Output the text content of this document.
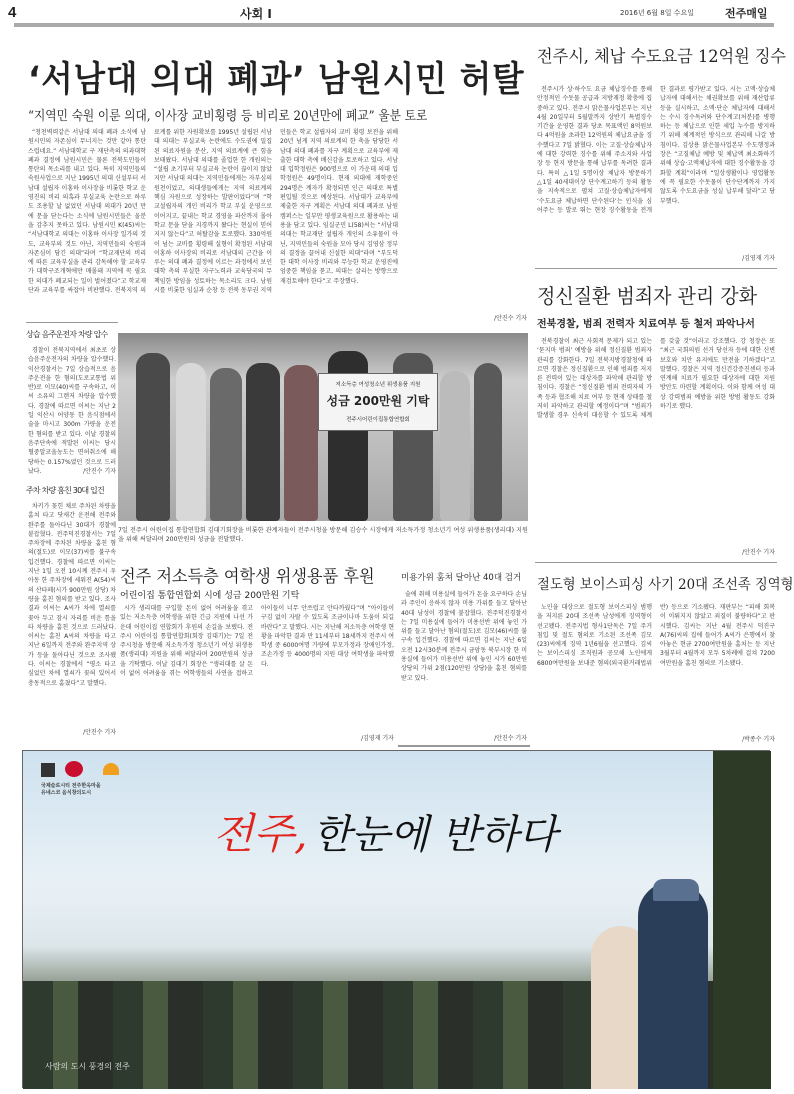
4	사회 I	2016년 6월 8일 수요일	전주매일
‘서남대 의대 폐과’ 남원시민 허탈
“지역민 숙원 이룬 의대, 이사장 교비횡령 등 비리로 20년만에 폐교” 울분 토로
“청천벽력같은 서남대 의대 폐과 소식에 남원시민의 자존심이 무너지는 것만 같아 통탄스럽네요.” 서남대학교 구 재단측의 의과대학 폐과 결정에 남원시민은 물론 전북도민들이 통탄의 목소리를 내고 있다. 특히 지역민들의 숙원사업으로 지난 1995년 의대 신설부터 서남대 설립자 이홍하 이사장을 비롯한 학교 운영진의 비리 의혹과 부실교육 논란으로 하루도 조용할 날 없었던 서남대 의대가 20년 만에 문을 닫는다는 소식에 남원시민들은 울분을 감추지 못하고 있다. 남원시민 K(45)씨는 “서남대학교 의대는 이홍하 이사장 일가의 것도, 교육부의 것도 아닌, 지역민들의 숙원과 자존심이 담긴 의대”라며 “학교재단의 비리에 따른 교육부실을 관리 감독해야 할 교육부가 대학구조개혁에만 매몰돼 지역에 꼭 필요한 의대가 폐교되는 일이 벌어졌다”고 학교재단과 교육부를 싸잡아 비판했다. 전북지역 의료계를 위한 자원확보를 1995년 설립된 서남대 의대는 부실교육 논란에도 수도권에 밀집된 의료자원을 분산, 지역 의료계에 큰 힘을 보태왔다. 서남대 의대를 졸업한 한 개원의는 “설립 초기부터 부실교육 논란이 끊이지 않았지만 서남대 의대는 지역민들에게는 자부심의 원천이었고, 의대생들에게는 지역 의료계의 핵심 자원으로 성장하는 발판이었다”며 “학교설립자의 개인 비리가 학교 부실 운영으로 이어지고, 끝내는 학교 경영을 파산까지 몰아 학교 문을 닫을 지경까지 왔다는 현실이 믿어지지 않는다”고 허탈감을 토로했다. 330억원이 넘는 교비를 횡령해 실형이 확정된 서남대 이홍하 이사장의 비리로 서남대의 근간을 이루는 의대 폐과 결정에 이르는 과정에서 보인 대학 측의 부실한 자구노력과 교육당국의 무책임한 방임을 성토하는 목소리도 크다. 남원시를 비롯한 임실과 순창 등 전북 동부권 지역민들은 학교 설립자의 교비 횡령 보전을 위해 20년 넘게 지역 의료계의 한 축을 담당한 서남대 의대 폐과를 자구 계획으로 교육부에 제출한 대학 측에 배신감을 토로하고 있다. 서남대 입학정원은 900명으로 이 가운데 의대 입학정원은 49명이다. 현재 의대에 재학중인 294명은 계자가 확정되면 인근 의대로 특별 편입될 것으로 예상된다. 서남대가 교육부에 제출한 자구 계획은 서남대 의대 폐과로 남원캠퍼스는 일부만 평생교육원으로 활용하는 내용을 담고 있다. 임실군민 L(58)씨는 “서남대 의대는 학교재단 설립자 개인의 소유물이 아닌, 지역민들의 숙원을 모아 당시 김영삼 정부의 결정을 끌어내 신설한 의대”라며 “부도덕한 대학 이사장 비리와 무능한 학교 운영진에 엄중한 책임을 묻고, 의대는 살리는 방향으로 재검토해야 한다”고 주장했다.
/안진수 기자
전주시, 체납 수도요금 12억원 징수
전주시가 상·하수도 요금 체납징수를 통해 안정적인 수돗물 공급과 지방재정 확충에 집중하고 있다. 전주시 맑은물사업본부는 지난 4월 20일부터 5월말까지 상반기 특별징수기간을 운영한 결과 당초 목표액인 8억원보다 4억원을 초과한 12억원의 체납요금을 징수했다고 7일 밝혔다. 이는 고질·상습체납자에 대한 강력한 징수를 위해 주소지와 사업장 등 현지 방문을 통해 납부를 독려한 결과다. 특히 △1일 5명이상 체납자 방문하기 △1일 40세대이상 단수계고하기 등의 활동을 지속적으로 펼쳐 고질·상습체납자에게 ‘수도요금 체납하면 단수된다’는 인식을 심어주는 등 발로 뛰는 현장 징수활동을 전개한 결과로 평가받고 있다. 시는 고액·상습체납자에 대해서는 채권확보를 위해 재산압류 등을 실시하고, 소액·단순 체납자에 대해서는 수시 징수독려와 단수계고(처분)를 병행하는 등 체납으로 인한 세입 누수를 방지하기 위해 체계적인 방식으로 관리해 나갈 방침이다. 김상용 맑은물사업본부 수도행정과장은 “고질체납 예방 및 체납액 최소화하기 위해 상습·고액체납자에 대한 징수활동을 강화할 계획”이라며 “일상생활이나 영업활동에 꼭 필요한 수돗물이 단수단계까지 가지 않도록 수도요금을 성실 납부해 달라”고 당부했다.
/김영재 기자
정신질환 범죄자 관리 강화
전북경찰, 범죄 전력자 치료여부 등 철저 파악나서
전북경찰이 최근 사회적 문제가 되고 있는 ‘묻지마 범죄’ 예방을 위해 정신질환 범죄자 관리를 강화한다. 7일 전북지방경찰청에 따르면 경찰은 정신질환으로 인해 범죄를 저지른 전력이 있는 대상자를 파악해 관리할 방침이다. 경찰은 “정신질환 범죄 전력자의 가족 등과 협조해 치료 여부 등 현재 상태를 철저히 파악하고 관리할 예정이다”며 “범죄가 발생할 경우 신속히 대응할 수 있도록 체계를 갖출 것”이라고 강조했다. 강 청장은 또 “최근 국회의원 선거 당선자 등에 대한 신변 보호와 치안 유지에도 만전을 기하겠다”고 말했다. 경찰은 지역 정신건강증진센터 등과 연계해 치료가 필요한 대상자에 대한 지원 방안도 마련할 계획이다. 이와 함께 여성 대상 강력범죄 예방을 위한 방범 활동도 강화하기로 했다.
/안진수 기자
절도형 보이스피싱 사기 20대 조선족 징역형
노인을 대상으로 절도형 보이스피싱 범행을 저지른 20대 조선족 남성에게 징역형이 선고됐다. 전주지법 형사1단독은 7일 주거침입 및 절도 혐의로 기소된 조선족 김모(23)씨에게 징역 1년6월을 선고했다. 김씨는 보이스피싱 조직원과 공모해 노인에게 6800여만원을 보내준 혐의(외국환거래법위반) 등으로 기소됐다. 재판부는 “피해 회복이 이뤄지지 않았고 죄질이 불량하다”고 판시했다. 김씨는 지난 4월 전주시 덕진구 A(76)씨의 집에 들어가 A씨가 은행에서 찾아놓은 현금 2700여만원을 훔치는 등 지난 3월부터 4월까지 모두 5차례에 걸쳐 7200여만원을 훔친 혐의로 기소됐다.
/박종수 기자
상습 음주운전자 차량 압수
경찰이 전북지역에서 최초로 상습음주운전자의 차량을 압수했다. 익산경찰서는 7일 상습적으로 음주운전을 한 혐의(도로교통법 위반)로 이모(40)씨를 구속하고, 이씨 소유의 그랜저 차량을 압수했다. 경찰에 따르면 이씨는 지난 2일 익산시 어양동 한 음식점에서 술을 마시고 300m 가량을 운전한 혐의를 받고 있다. 이날 경찰의 음주단속에 적발된 이씨는 당시 혈중알코올농도는 면허취소에 해당하는 0.157%였던 것으로 드러났다.	/안진수 기자
주차 차량 훔친 30대 입건
차키가 꽂힌 채로 주차된 차량을 훔쳐 타고 닷새간 운전해 전주와 완주를 돌아다닌 30대가 경찰에 붙잡혔다. 전주덕진경찰서는 7일 주차장에 주차된 차량을 훔친 혐의(절도)로 이모(37)씨를 불구속 입건했다. 경찰에 따르면 이씨는 지난 1일 오전 10시께 전주시 우아동 한 주차장에 세워진 A(54)씨의 산타페(시가 900만원 상당) 차량을 훔친 혐의를 받고 있다. 조사결과 이씨는 A씨가 차에 열쇠를 꽂아 두고 잠시 자리를 비운 틈을 타 차량을 훔친 것으로 드러났다. 이씨는 훔친 A씨의 차량을 타고 지난 6일까지 전주와 완주지역 상가 등을 돌아다닌 것으로 조사됐다. 이씨는 경찰에서 “평소 타고 싶었던 차에 열쇠가 꽂혀 있어서 충동적으로 훔쳤다”고 말했다.
/안진수 기자
저소득층 여성청소년 위생용품 지원
성금 200만원 기탁
전주시어린이집통합연합회
7일 전주시 어린이집 통합연합회 김대기회장을 비롯한 관계자들이 전주시청을 방문해 김승수 시장에게 저소득가정 청소년기 여성 위생용품(생리대) 지원을 위해 써달라며 200만원의 성금을 전달했다.
전주 저소득층 여학생 위생용품 후원
어린이집 통합연합회 시에 성금 200만원 기탁
시가 생리대를 구입할 돈이 없어 어려움을 겪고 있는 저소득층 여학생을 위한 긴급 지원에 나선 가운데 어린이집 연합회가 후원의 손길을 보탰다. 전주시 어린이집 통합연합회(회장 김대기)는 7일 전주시청을 방문해 저소득가정 청소년기 여성 위생용품(생리대) 지원을 위해 써달라며 200만원의 성금을 기탁했다. 이날 김대기 회장은 “생리대를 살 돈이 없어 어려움을 겪는 여학생들의 사연을 접하고 아이들이 너무 안쓰럽고 안타까웠다”며 “아이들이 구김 없이 자랄 수 있도록 조금이나마 도움이 되길 바란다”고 말했다. 시는 지난해 저소득층 여학생 현황을 파악한 결과 만 11세부터 18세까지 전주시 여학생 중 6000여명 가량에 부모가정과 장애인가정, 조손가정 등 4000명의 지원 대상 여학생을 파악했다.
/김영재 기자
미용가위 훔쳐 달아난 40대 검거
술에 취해 미용실에 들어가 돈을 요구하다 손님과 주인이 응하지 않자 미용 가위를 들고 달아난 40대 남성이 경찰에 붙잡혔다. 전주덕진경찰서는 7일 미용실에 들어가 미용선반 위에 놓인 가위를 들고 달아난 혐의(절도)로 김모(46)씨를 불구속 입건했다. 경찰에 따르면 김씨는 지난 6일 오전 12시30분께 전주시 금암동 북부시장 한 미용실에 들어가 미용선반 위에 놓인 시가 60만원 상당의 가위 2점(120만원 상당)을 훔친 혐의를 받고 있다.
/안진수 기자
국제슬로시티 전주한옥마을
유네스코 음식창의도시
전주, 한눈에 반하다
사람의 도시 풍경의 전주
